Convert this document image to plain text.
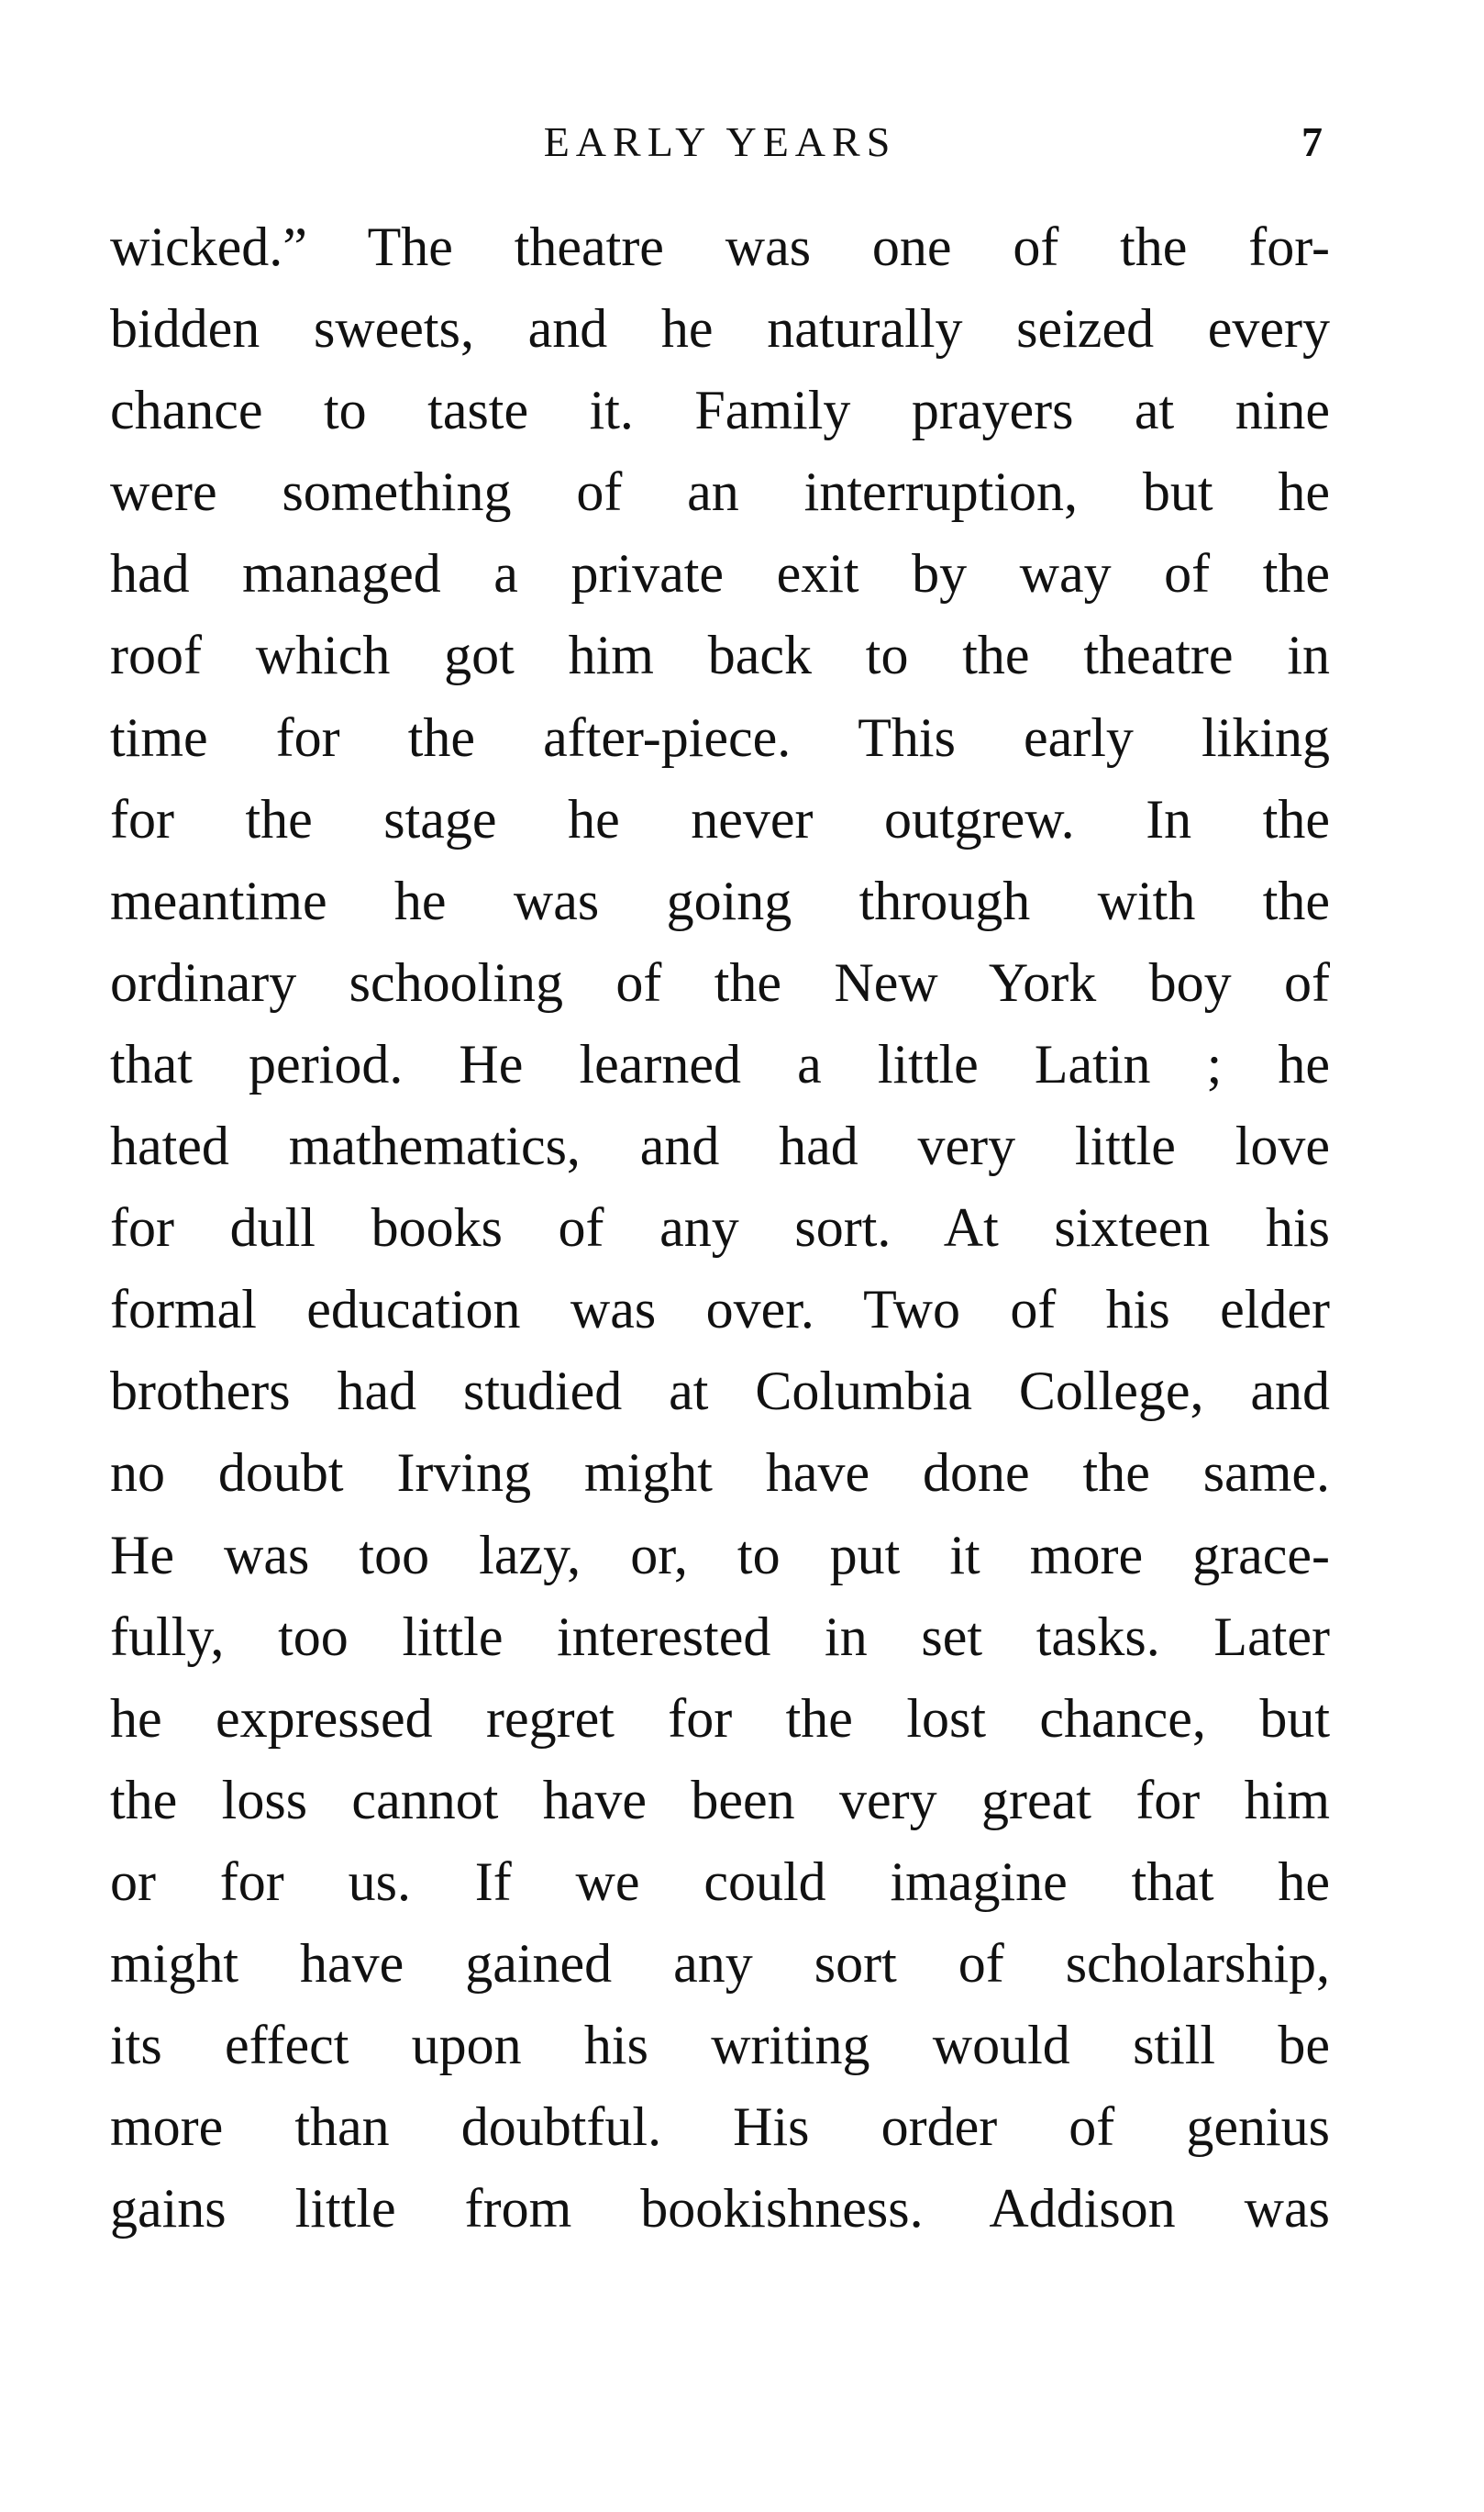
EARLY YEARS	7
wicked.” The theatre was one of the for-
bidden sweets, and he naturally seized every
chance to taste it. Family prayers at nine
were something of an interruption, but he
had managed a private exit by way of the
roof which got him back to the theatre in
time for the after-piece. This early liking
for the stage he never outgrew. In the
meantime he was going through with the
ordinary schooling of the New York boy of
that period. He learned a little Latin ; he
hated mathematics, and had very little love
for dull books of any sort. At sixteen his
formal education was over. Two of his elder
brothers had studied at Columbia College, and
no doubt Irving might have done the same.
He was too lazy, or, to put it more grace-
fully, too little interested in set tasks. Later
he expressed regret for the lost chance, but
the loss cannot have been very great for him
or for us. If we could imagine that he
might have gained any sort of scholarship,
its effect upon his writing would still be
more than doubtful. His order of genius
gains little from bookishness. Addison was
